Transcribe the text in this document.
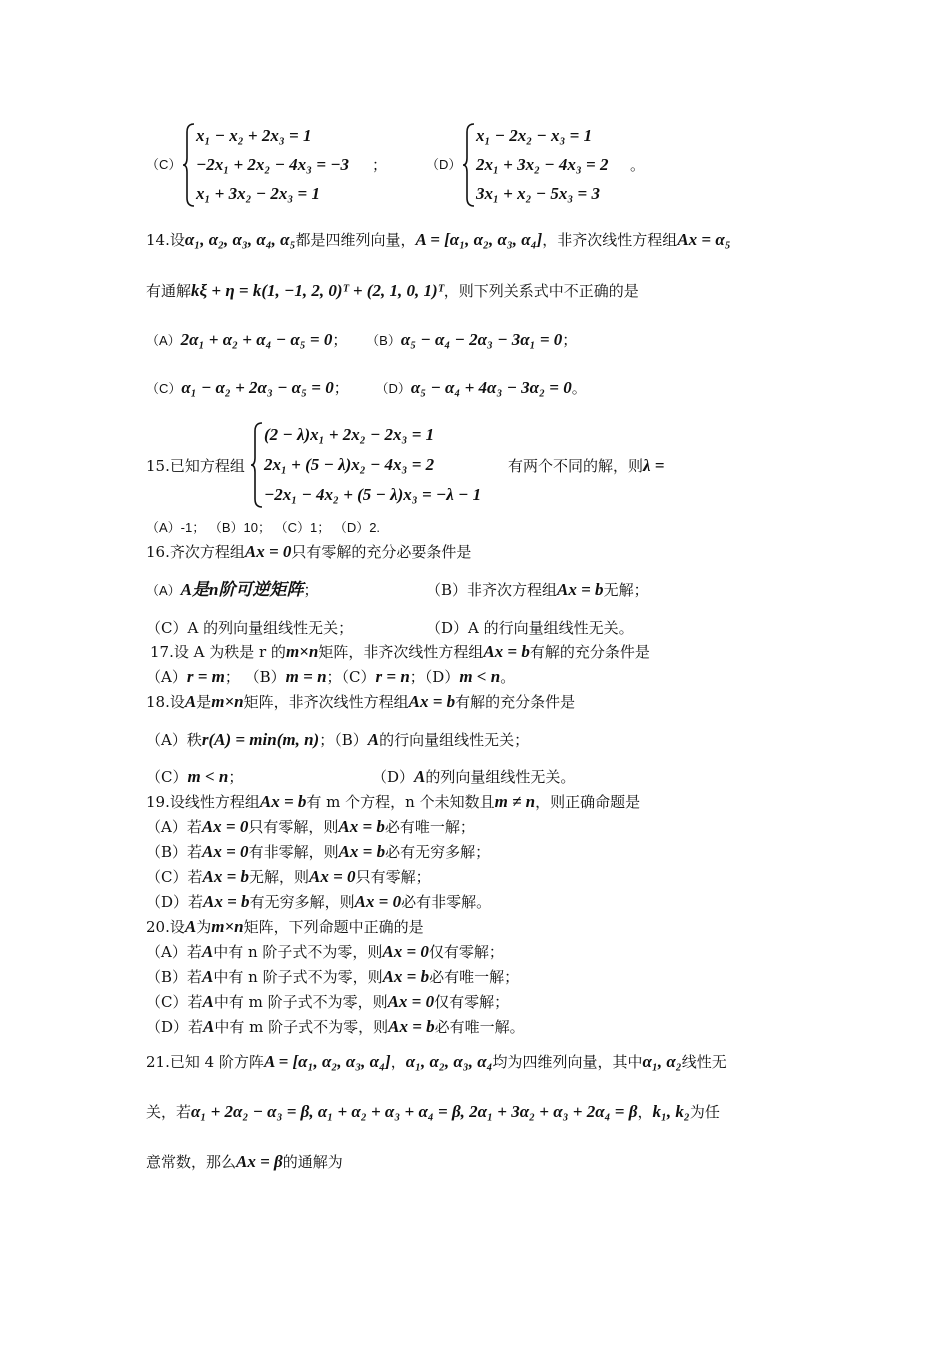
（C）
x₁ − x₂ + 2x₃ = 1
−2x₁ + 2x₂ − 4x₃ = −3
x₁ + 3x₂ − 2x₃ = 1
；	（D）
x₁ − 2x₂ − x₃ = 1
2x₁ + 3x₂ − 4x₃ = 2
3x₁ + x₂ − 5x₃ = 3
。
14.设α₁, α₂, α₃, α₄, α₅都是四维列向量，A = [α₁, α₂, α₃, α₄]，非齐次线性方程组Ax = α₅
有通解kξ + η = k(1, −1, 2, 0)ᵀ + (2, 1, 0, 1)ᵀ，则下列关系式中不正确的是
（A）2α₁ + α₂ + α₄ − α₅ = 0； （B）α₅ − α₄ − 2α₃ − 3α₁ = 0；
（C）α₁ − α₂ + 2α₃ − α₅ = 0； （D）α₅ − α₄ + 4α₃ − 3α₂ = 0。
15.已知方程组
(2 − λ)x₁ + 2x₂ − 2x₃ = 1
2x₁ + (5 − λ)x₂ − 4x₃ = 2
−2x₁ − 4x₂ + (5 − λ)x₃ = −λ − 1
有两个不同的解，则λ =
（A）-1； （B）10； （C）1； （D）2.
16.齐次方程组Ax = 0只有零解的充分必要条件是
（A）A是n阶可逆矩阵；	（B）非齐次方程组Ax = b无解；
（C）A 的列向量组线性无关；	（D）A 的行向量组线性无关。
17.设 A 为秩是 r 的m×n矩阵，非齐次线性方程组Ax = b有解的充分条件是
（A）r = m； （B）m = n；（C）r = n；（D）m < n。
18.设A是m×n矩阵，非齐次线性方程组Ax = b有解的充分条件是
（A）秩r(A) = min(m, n)；（B）A的行向量组线性无关；
（C）m < n；	（D）A的列向量组线性无关。
19.设线性方程组Ax = b有 m 个方程，n 个未知数且m ≠ n，则正确命题是
（A）若Ax = 0只有零解，则Ax = b必有唯一解；
（B）若Ax = 0有非零解，则Ax = b必有无穷多解；
（C）若Ax = b无解，则Ax = 0只有零解；
（D）若Ax = b有无穷多解，则Ax = 0必有非零解。
20.设A为m×n矩阵，下列命题中正确的是
（A）若A中有 n 阶子式不为零，则Ax = 0仅有零解；
（B）若A中有 n 阶子式不为零，则Ax = b必有唯一解；
（C）若A中有 m 阶子式不为零，则Ax = 0仅有零解；
（D）若A中有 m 阶子式不为零，则Ax = b必有唯一解。
21.已知 4 阶方阵A = [α₁, α₂, α₃, α₄]，α₁, α₂, α₃, α₄均为四维列向量，其中α₁, α₂线性无
关，若α₁ + 2α₂ − α₃ = β, α₁ + α₂ + α₃ + α₄ = β, 2α₁ + 3α₂ + α₃ + 2α₄ = β，k₁, k₂为任
意常数，那么Ax = β的通解为
